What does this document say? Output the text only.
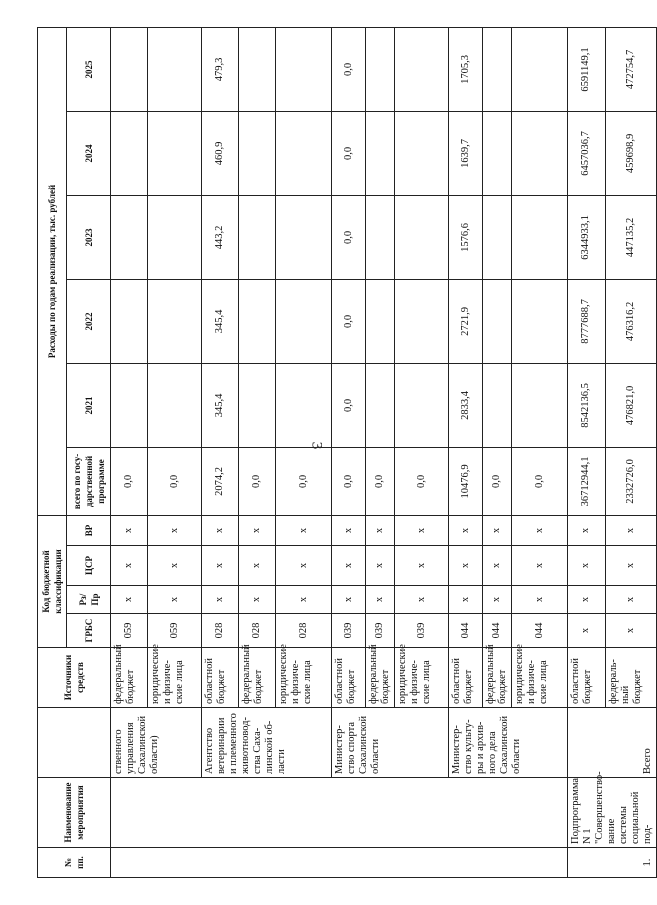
3
№ пп.	Наименование мероприятия		Источники средств	Код бюджетной классификации				Расходы по годам реализации, тыс. рублей					
				ГРБС	Рз/ Пр	ЦСР	ВР	всего по госу- дарственной программе	2021	2022	2023	2024	2025
		ственного управления Сахалинской области)	федеральный бюджет	059	x	x	x	0,0					
			юридические и физиче- ские лица	059	x	x	x	0,0					
		Агентство ветеринарии и племенного животновод- ства Саха- линской об- ласти	областной бюджет	028	x	x	x	2074,2	345,4	345,4	443,2	460,9	479,3
			федеральный бюджет	028	x	x	x	0,0					
			юридические и физиче- ские лица	028	x	x	x	0,0					
		Министер- ство спорта Сахалинской области	областной бюджет	039	x	x	x	0,0	0,0	0,0	0,0	0,0	0,0
			федеральный бюджет	039	x	x	x	0,0					
			юридические и физиче- ские лица	039	x	x	x	0,0					
		Министер- ство культу- ры и архив- ного дела Сахалинской области	областной бюджет	044	x	x	x	10476,9	2833,4	2721,9	1576,6	1639,7	1705,3
			федеральный бюджет	044	x	x	x	0,0					
			юридические и физиче- ские лица	044	x	x	x	0,0					
1.	Подпрограмма N 1 "Совершенство- вание системы социальной под-	Всего	областной бюджет	x	x	x	x	36712944,1	8542136,5	8777688,7	6344933,1	6457036,7	6591149,1
			федераль- ный бюджет	x	x	x	x	2332726,0	476821,0	476316,2	447135,2	459698,9	472754,7
